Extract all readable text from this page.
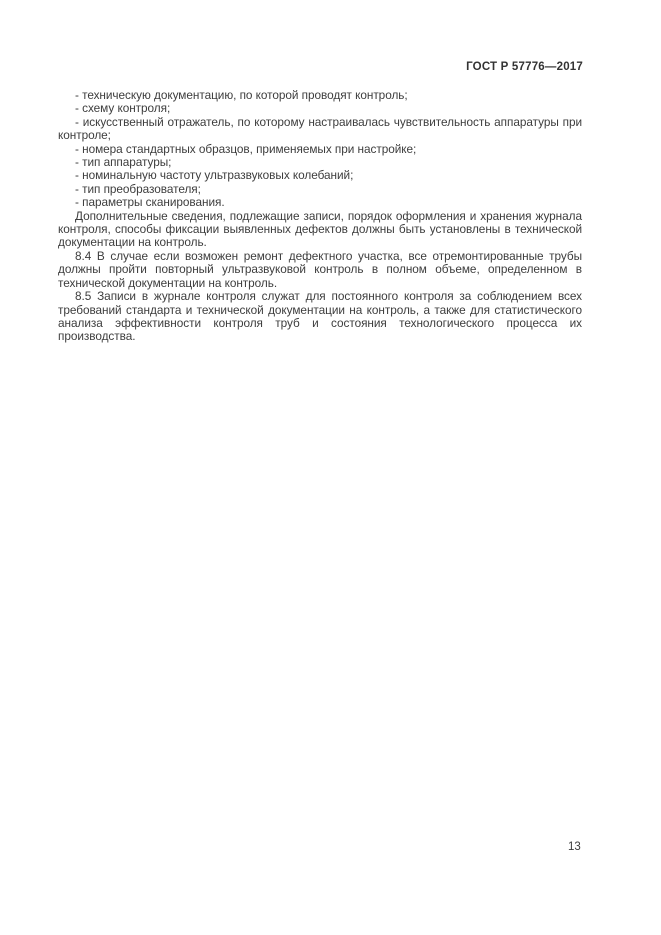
ГОСТ Р 57776—2017

- техническую документацию, по которой проводят контроль;

- схему контроля;

- искусственный отражатель, по которому настраивалась чувствительность аппаратуры при контроле;

- номера стандартных образцов, применяемых при настройке;

- тип аппаратуры;

- номинальную частоту ультразвуковых колебаний;

- тип преобразователя;

- параметры сканирования.

Дополнительные сведения, подлежащие записи, порядок оформления и хранения журнала контроля, способы фиксации выявленных дефектов должны быть установлены в технической документации на контроль.

8.4 В случае если возможен ремонт дефектного участка, все отремонтированные трубы должны пройти повторный ультразвуковой контроль в полном объеме, определенном в технической документации на контроль.

8.5 Записи в журнале контроля служат для постоянного контроля за соблюдением всех требований стандарта и технической документации на контроль, а также для статистического анализа эффективности контроля труб и состояния технологического процесса их производства.

13
